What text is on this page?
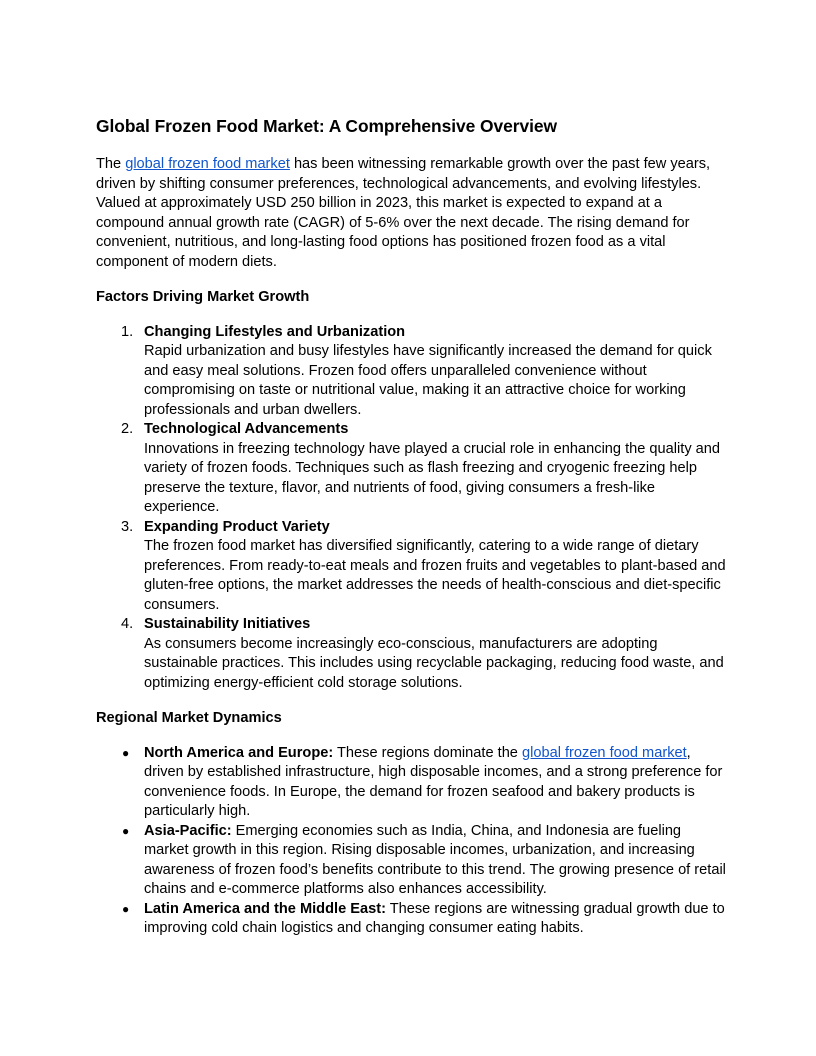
Global Frozen Food Market: A Comprehensive Overview

The global frozen food market has been witnessing remarkable growth over the past few years, driven by shifting consumer preferences, technological advancements, and evolving lifestyles. Valued at approximately USD 250 billion in 2023, this market is expected to expand at a compound annual growth rate (CAGR) of 5-6% over the next decade. The rising demand for convenient, nutritious, and long-lasting food options has positioned frozen food as a vital component of modern diets.

Factors Driving Market Growth
1. Changing Lifestyles and Urbanization
Rapid urbanization and busy lifestyles have significantly increased the demand for quick and easy meal solutions. Frozen food offers unparalleled convenience without compromising on taste or nutritional value, making it an attractive choice for working professionals and urban dwellers.
2. Technological Advancements
Innovations in freezing technology have played a crucial role in enhancing the quality and variety of frozen foods. Techniques such as flash freezing and cryogenic freezing help preserve the texture, flavor, and nutrients of food, giving consumers a fresh-like experience.
3. Expanding Product Variety
The frozen food market has diversified significantly, catering to a wide range of dietary preferences. From ready-to-eat meals and frozen fruits and vegetables to plant-based and gluten-free options, the market addresses the needs of health-conscious and diet-specific consumers.
4. Sustainability Initiatives
As consumers become increasingly eco-conscious, manufacturers are adopting sustainable practices. This includes using recyclable packaging, reducing food waste, and optimizing energy-efficient cold storage solutions.
Regional Market Dynamics
● North America and Europe: These regions dominate the global frozen food market, driven by established infrastructure, high disposable incomes, and a strong preference for convenience foods. In Europe, the demand for frozen seafood and bakery products is particularly high.
● Asia-Pacific: Emerging economies such as India, China, and Indonesia are fueling market growth in this region. Rising disposable incomes, urbanization, and increasing awareness of frozen food’s benefits contribute to this trend. The growing presence of retail chains and e-commerce platforms also enhances accessibility.
● Latin America and the Middle East: These regions are witnessing gradual growth due to improving cold chain logistics and changing consumer eating habits.
